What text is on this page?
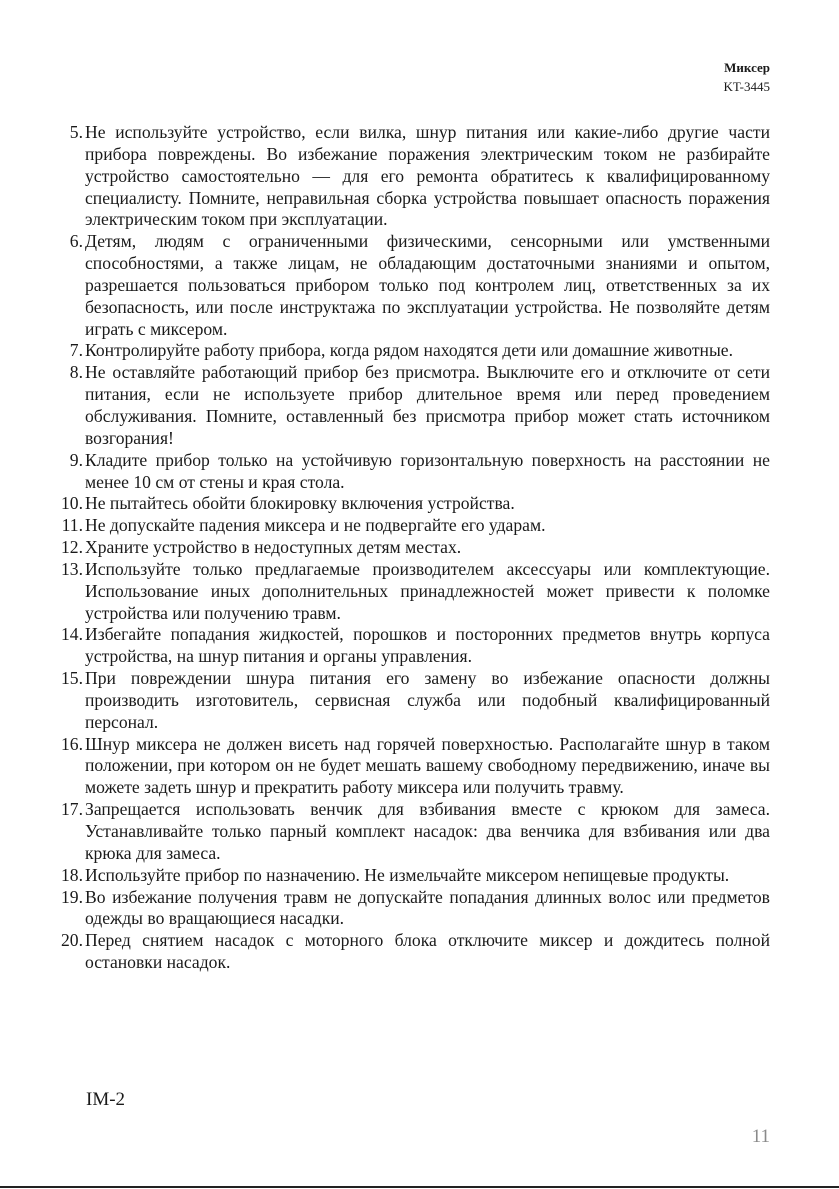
Миксер
KT-3445
5 . Не используйте устройство, если вилка, шнур питания или какие-либо другие части прибора повреждены. Во избежание поражения электрическим током не разбирайте устройство самостоятельно — для его ремонта обратитесь к квалифицированному специалисту. Помните, неправильная сборка устройства повышает опасность поражения электрическим током при эксплуатации.
6 . Детям, людям с ограниченными физическими, сенсорными или умственными способностями, а также лицам, не обладающим достаточными знаниями и опытом, разрешается пользоваться прибором только под контролем лиц, ответственных за их безопасность, или после инструктажа по эксплуатации устройства. Не позволяйте детям играть с миксером.
7 . Контролируйте работу прибора, когда рядом находятся дети или домашние животные.
8 . Не оставляйте работающий прибор без присмотра. Выключите его и отключите от сети питания, если не используете прибор длительное время или перед проведением обслуживания. Помните, оставленный без присмотра прибор может стать источником возгорания!
9 . Кладите прибор только на устойчивую горизонтальную поверхность на расстоянии не менее 10 см от стены и края стола.
10 . Не пытайтесь обойти блокировку включения устройства.
11 . Не допускайте падения миксера и не подвергайте его ударам.
12 . Храните устройство в недоступных детям местах.
13 . Используйте только предлагаемые производителем аксессуары или комплектующие. Использование иных дополнительных принадлежностей может привести к поломке устройства или получению травм.
14 . Избегайте попадания жидкостей, порошков и посторонних предметов внутрь корпуса устройства, на шнур питания и органы управления.
15 . При повреждении шнура питания его замену во избежание опасности должны производить изготовитель, сервисная служба или подобный квалифицированный персонал.
16 . Шнур миксера не должен висеть над горячей поверхностью. Располагайте шнур в таком положении, при котором он не будет мешать вашему свободному передвижению, иначе вы можете задеть шнур и прекратить работу миксера или получить травму.
17 . Запрещается использовать венчик для взбивания вместе с крюком для замеса. Устанавливайте только парный комплект насадок: два венчика для взбивания или два крюка для замеса.
18 . Используйте прибор по назначению. Не измельчайте миксером непищевые продукты.
19 . Во избежание получения травм не допускайте попадания длинных волос или предметов одежды во вращающиеся насадки.
20 . Перед снятием насадок с моторного блока отключите миксер и дождитесь полной остановки насадок.
IM-2
11
